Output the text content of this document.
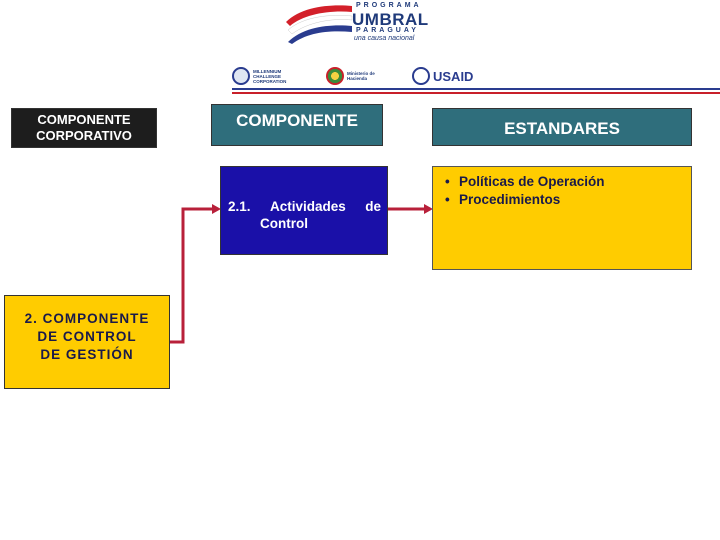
PROGRAMA
UMBRAL
PARAGUAY
una causa nacional
MILLENNIUM CHALLENGE CORPORATION
Ministerio de Hacienda	USAID
COMPONENTE CORPORATIVO
COMPONENTE	ESTANDARES
2. COMPONENTE
DE CONTROL
DE GESTIÓN
2.1. Actividades de
Control
• Políticas de Operación
• Procedimientos
